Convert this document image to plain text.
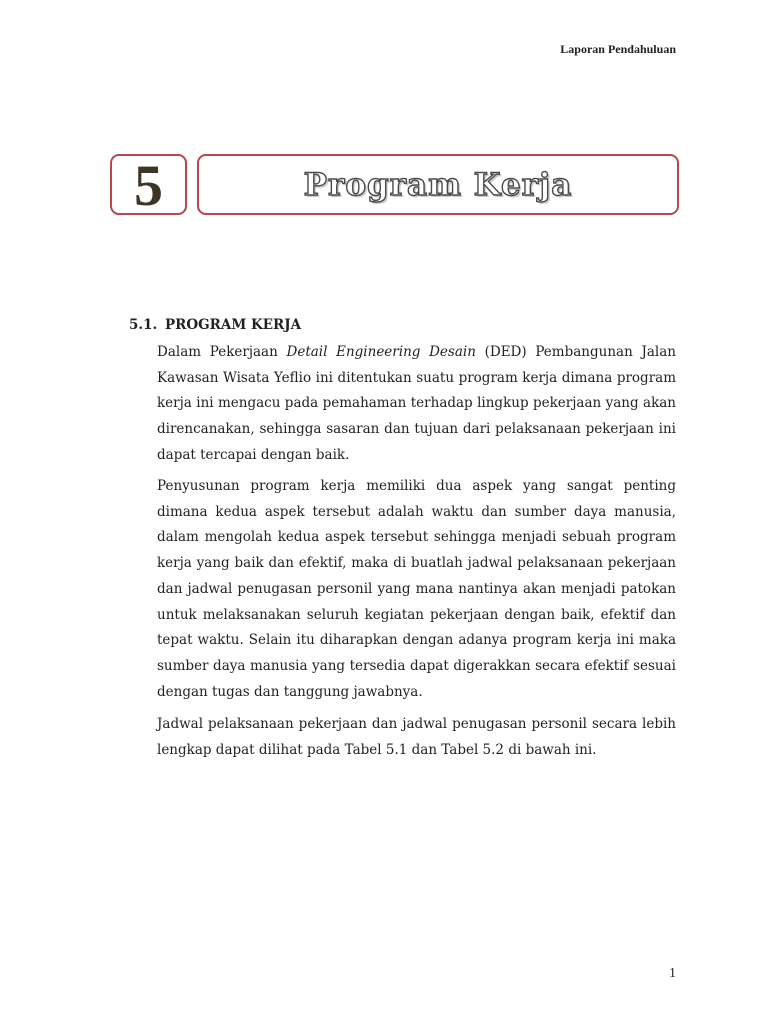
Laporan Pendahuluan
5	Program Kerja
5.1. PROGRAM KERJA

Dalam Pekerjaan Detail Engineering Desain (DED) Pembangunan Jalan Kawasan Wisata Yeflio ini ditentukan suatu program kerja dimana program kerja ini mengacu pada pemahaman terhadap lingkup pekerjaan yang akan direncanakan, sehingga sasaran dan tujuan dari pelaksanaan pekerjaan ini dapat tercapai dengan baik.

Penyusunan program kerja memiliki dua aspek yang sangat penting dimana kedua aspek tersebut adalah waktu dan sumber daya manusia, dalam mengolah kedua aspek tersebut sehingga menjadi sebuah program kerja yang baik dan efektif, maka di buatlah jadwal pelaksanaan pekerjaan dan jadwal penugasan personil yang mana nantinya akan menjadi patokan untuk melaksanakan seluruh kegiatan pekerjaan dengan baik, efektif dan tepat waktu. Selain itu diharapkan dengan adanya program kerja ini maka sumber daya manusia yang tersedia dapat digerakkan secara efektif sesuai dengan tugas dan tanggung jawabnya.

Jadwal pelaksanaan pekerjaan dan jadwal penugasan personil secara lebih lengkap dapat dilihat pada Tabel 5.1 dan Tabel 5.2 di bawah ini.

1
